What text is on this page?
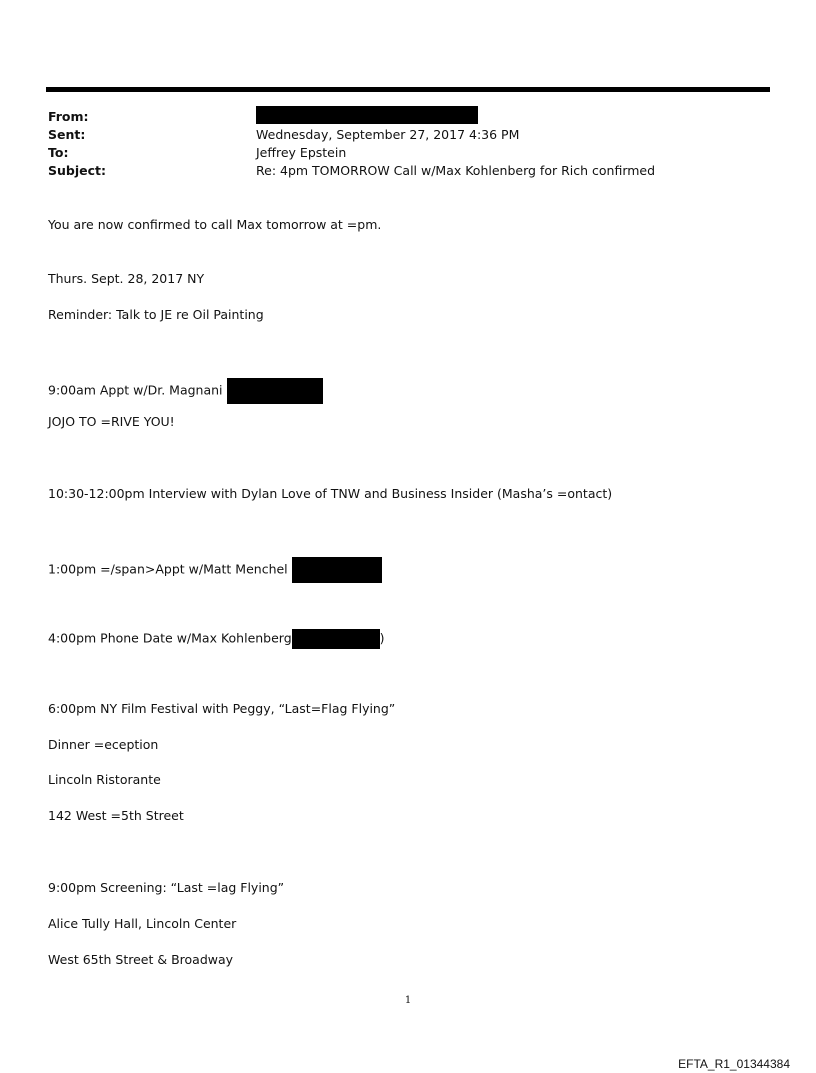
From:
Sent:	Wednesday, September 27, 2017 4:36 PM
To:	Jeffrey Epstein
Subject:	Re: 4pm TOMORROW Call w/Max Kohlenberg for Rich confirmed
You are now confirmed to call Max tomorrow at =pm.
Thurs. Sept. 28, 2017 NY
Reminder: Talk to JE re Oil Painting
9:00am Appt w/Dr. Magnani
JOJO TO =RIVE YOU!
10:30-12:00pm Interview with Dylan Love of TNW and Business Insider (Masha’s =ontact)
1:00pm =/span>Appt w/Matt Menchel
4:00pm Phone Date w/Max Kohlenberg	)
6:00pm NY Film Festival with Peggy, “Last=Flag Flying”
Dinner =eception
Lincoln Ristorante
142 West =5th Street
9:00pm Screening: “Last =lag Flying”
Alice Tully Hall, Lincoln Center
West 65th Street & Broadway
1
EFTA_R1_01344384
